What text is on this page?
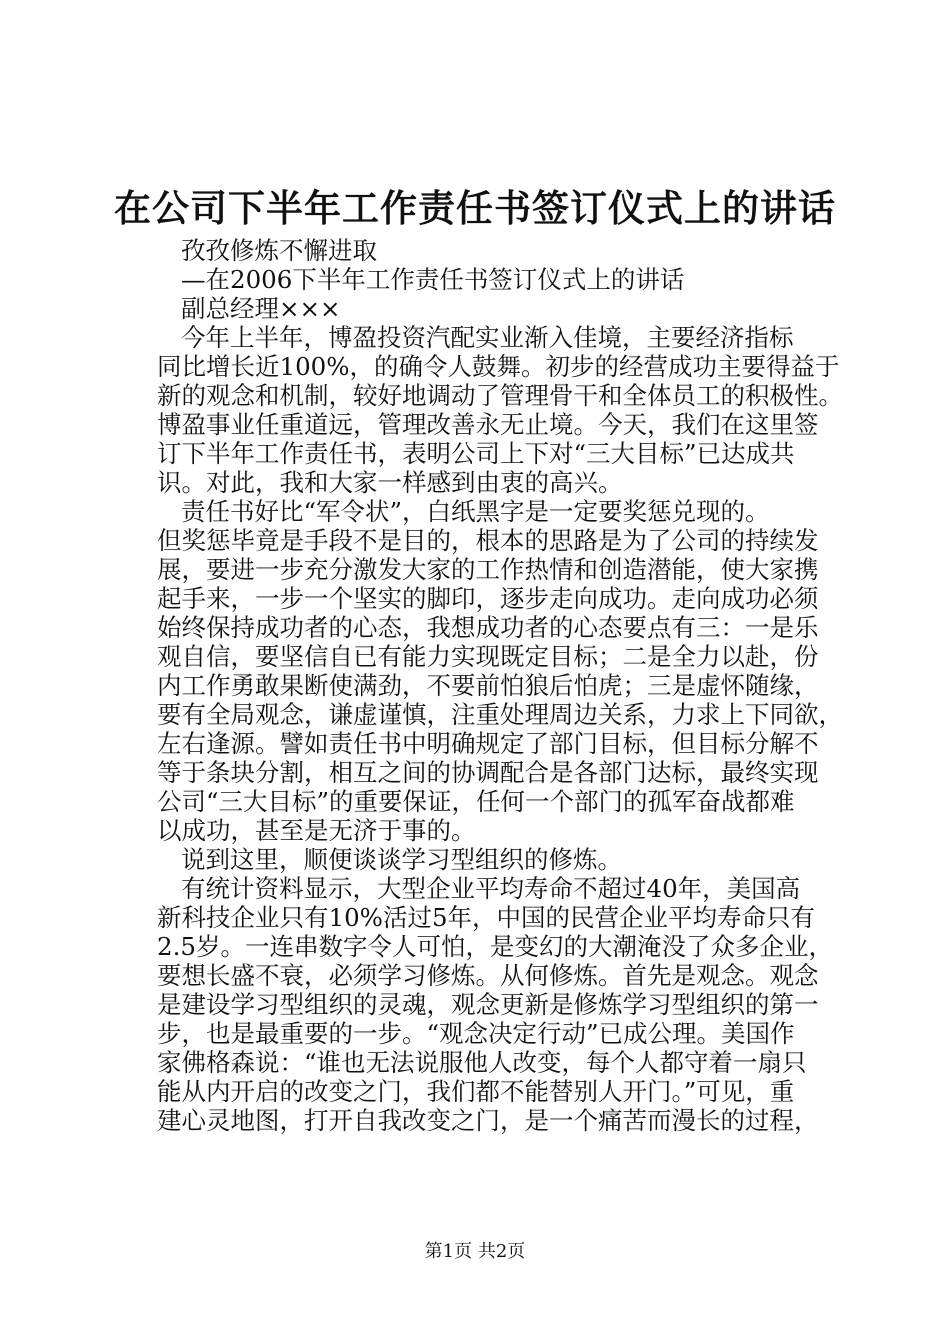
在公司下半年工作责任书签订仪式上的讲话
孜孜修炼不懈进取
—在2006下半年工作责任书签订仪式上的讲话
副总经理×××
今年上半年，博盈投资汽配实业渐入佳境，主要经济指标
同比增长近100%，的确令人鼓舞。初步的经营成功主要得益于
新的观念和机制，较好地调动了管理骨干和全体员工的积极性。
博盈事业任重道远，管理改善永无止境。今天，我们在这里签
订下半年工作责任书，表明公司上下对“三大目标”已达成共
识。对此，我和大家一样感到由衷的高兴。
责任书好比“军令状”，白纸黑字是一定要奖惩兑现的。
但奖惩毕竟是手段不是目的，根本的思路是为了公司的持续发
展，要进一步充分激发大家的工作热情和创造潜能，使大家携
起手来，一步一个坚实的脚印，逐步走向成功。走向成功必须
始终保持成功者的心态，我想成功者的心态要点有三：一是乐
观自信，要坚信自已有能力实现既定目标；二是全力以赴，份
内工作勇敢果断使满劲，不要前怕狼后怕虎；三是虚怀随缘，
要有全局观念，谦虚谨慎，注重处理周边关系，力求上下同欲，
左右逢源。譬如责任书中明确规定了部门目标，但目标分解不
等于条块分割，相互之间的协调配合是各部门达标，最终实现
公司“三大目标”的重要保证，任何一个部门的孤军奋战都难
以成功，甚至是无济于事的。
说到这里，顺便谈谈学习型组织的修炼。
有统计资料显示，大型企业平均寿命不超过40年，美国高
新科技企业只有10%活过5年，中国的民营企业平均寿命只有
2.5岁。一连串数字令人可怕，是变幻的大潮淹没了众多企业，
要想长盛不衰，必须学习修炼。从何修炼。首先是观念。观念
是建设学习型组织的灵魂，观念更新是修炼学习型组织的第一
步，也是最重要的一步。“观念决定行动”已成公理。美国作
家佛格森说：“谁也无法说服他人改变，每个人都守着一扇只
能从内开启的改变之门，我们都不能替别人开门。”可见，重
建心灵地图，打开自我改变之门，是一个痛苦而漫长的过程，
第1页 共2页
